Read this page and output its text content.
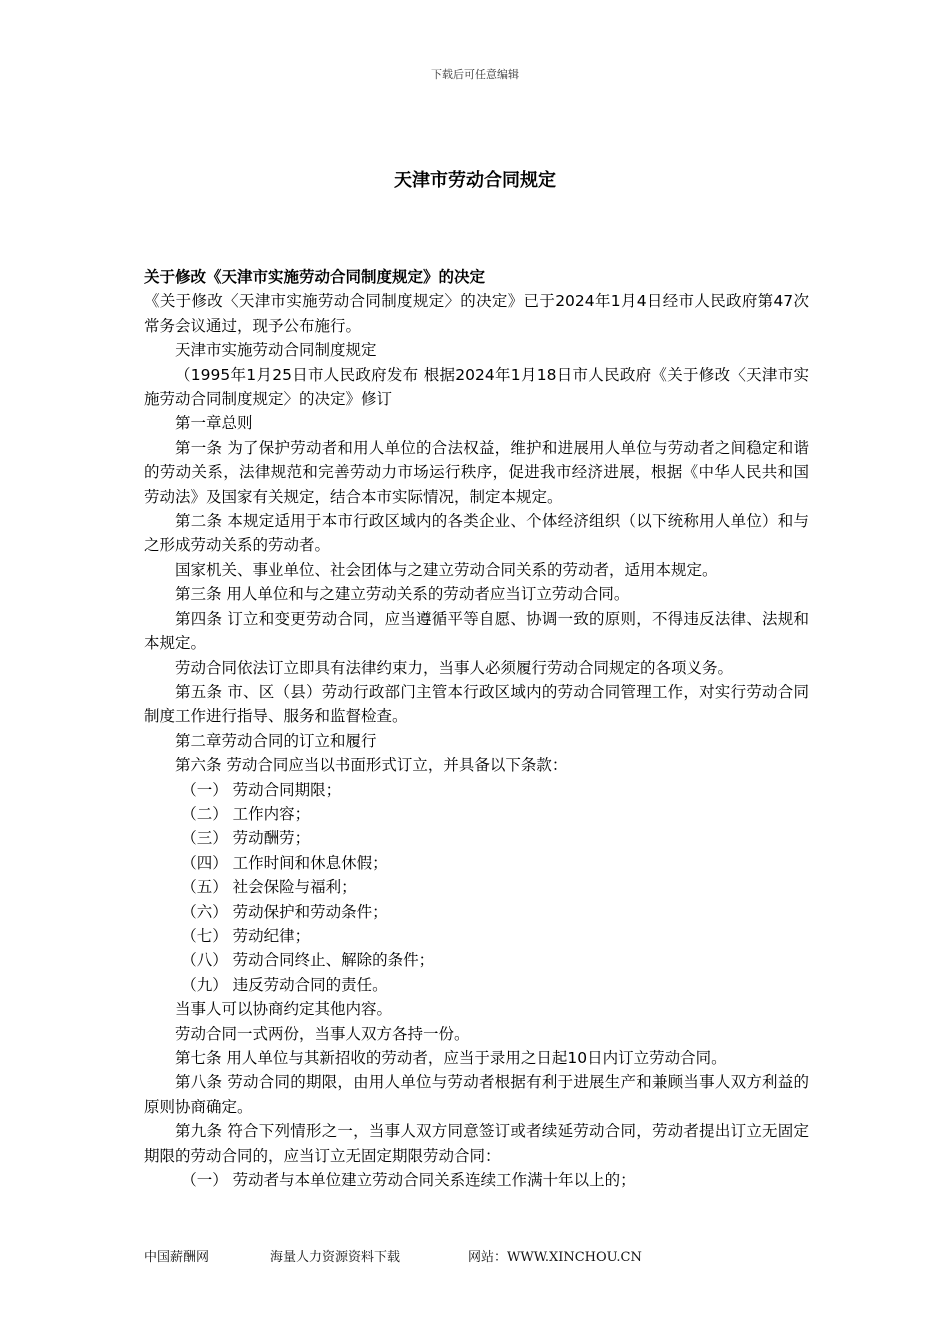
下载后可任意编辑
天津市劳动合同规定

关于修改《天津市实施劳动合同制度规定》的决定

《关于修改〈天津市实施劳动合同制度规定〉的决定》已于2024年1月4日经市人民政府第47次常务会议通过，现予公布施行。

天津市实施劳动合同制度规定

（1995年1月25日市人民政府发布 根据2024年1月18日市人民政府《关于修改〈天津市实施劳动合同制度规定〉的决定》修订

第一章总则

第一条 为了保护劳动者和用人单位的合法权益，维护和进展用人单位与劳动者之间稳定和谐的劳动关系，法律规范和完善劳动力市场运行秩序，促进我市经济进展，根据《中华人民共和国劳动法》及国家有关规定，结合本市实际情况，制定本规定。

第二条 本规定适用于本市行政区域内的各类企业、个体经济组织（以下统称用人单位）和与之形成劳动关系的劳动者。

国家机关、事业单位、社会团体与之建立劳动合同关系的劳动者，适用本规定。

第三条 用人单位和与之建立劳动关系的劳动者应当订立劳动合同。

第四条 订立和变更劳动合同，应当遵循平等自愿、协调一致的原则，不得违反法律、法规和本规定。

劳动合同依法订立即具有法律约束力，当事人必须履行劳动合同规定的各项义务。

第五条 市、区（县）劳动行政部门主管本行政区域内的劳动合同管理工作，对实行劳动合同制度工作进行指导、服务和监督检查。

第二章劳动合同的订立和履行

第六条 劳动合同应当以书面形式订立，并具备以下条款：

（一） 劳动合同期限；

（二） 工作内容；

（三） 劳动酬劳；

（四） 工作时间和休息休假；

（五） 社会保险与福利；

（六） 劳动保护和劳动条件；

（七） 劳动纪律；

（八） 劳动合同终止、解除的条件；

（九） 违反劳动合同的责任。

当事人可以协商约定其他内容。

劳动合同一式两份，当事人双方各持一份。

第七条 用人单位与其新招收的劳动者，应当于录用之日起10日内订立劳动合同。

第八条 劳动合同的期限，由用人单位与劳动者根据有利于进展生产和兼顾当事人双方利益的原则协商确定。

第九条 符合下列情形之一，当事人双方同意签订或者续延劳动合同，劳动者提出订立无固定期限的劳动合同的，应当订立无固定期限劳动合同：

（一） 劳动者与本单位建立劳动合同关系连续工作满十年以上的；

中国薪酬网	海量人力资源资料下载	网站：WWW.XINCHOU.CN
